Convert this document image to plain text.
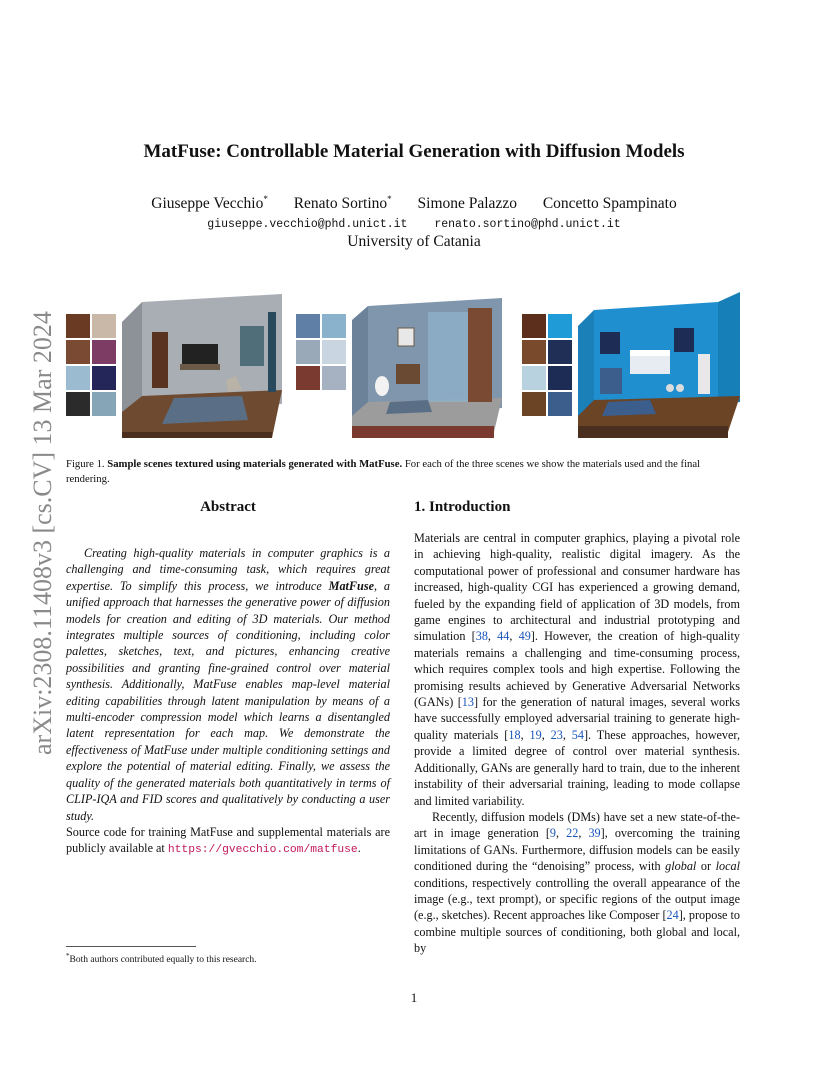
arXiv:2308.11408v3 [cs.CV] 13 Mar 2024
MatFuse: Controllable Material Generation with Diffusion Models
Giuseppe Vecchio* Renato Sortino* Simone Palazzo Concetto Spampinato
giuseppe.vecchio@phd.unict.it renato.sortino@phd.unict.it
University of Catania
Figure 1. Sample scenes textured using materials generated with MatFuse. For each of the three scenes we show the materials used and the final rendering.
Abstract	1. Introduction

Creating high-quality materials in computer graphics is a challenging and time-consuming task, which requires great expertise. To simplify this process, we introduce MatFuse, a unified approach that harnesses the generative power of diffusion models for creation and editing of 3D materials. Our method integrates multiple sources of conditioning, including color palettes, sketches, text, and pictures, enhancing creative possibilities and granting fine-grained control over material synthesis. Additionally, MatFuse enables map-level material editing capabilities through latent manipulation by means of a multi-encoder compression model which learns a disentangled latent representation for each map. We demonstrate the effectiveness of MatFuse under multiple conditioning settings and explore the potential of material editing. Finally, we assess the quality of the generated materials both quantitatively in terms of CLIP-IQA and FID scores and qualitatively by conducting a user study.

Source code for training MatFuse and supplemental materials are publicly available at https://gvecchio.com/matfuse.

Materials are central in computer graphics, playing a pivotal role in achieving high-quality, realistic digital imagery. As the computational power of professional and consumer hardware has increased, high-quality CGI has experienced a growing demand, fueled by the expanding field of application of 3D models, from game engines to architectural and industrial prototyping and simulation [38, 44, 49]. However, the creation of high-quality materials remains a challenging and time-consuming process, which requires complex tools and high expertise. Following the promising results achieved by Generative Adversarial Networks (GANs) [13] for the generation of natural images, several works have successfully employed adversarial training to generate high-quality materials [18, 19, 23, 54]. These approaches, however, provide a limited degree of control over material synthesis. Additionally, GANs are generally hard to train, due to the inherent instability of their adversarial training, leading to mode collapse and limited variability.

Recently, diffusion models (DMs) have set a new state-of-the-art in image generation [9, 22, 39], overcoming the training limitations of GANs. Furthermore, diffusion models can be easily conditioned during the “denoising” process, with global or local conditions, respectively controlling the overall appearance of the image (e.g., text prompt), or specific regions of the output image (e.g., sketches). Recent approaches like Composer [24], propose to combine multiple sources of conditioning, both global and local, by

*Both authors contributed equally to this research.
1
